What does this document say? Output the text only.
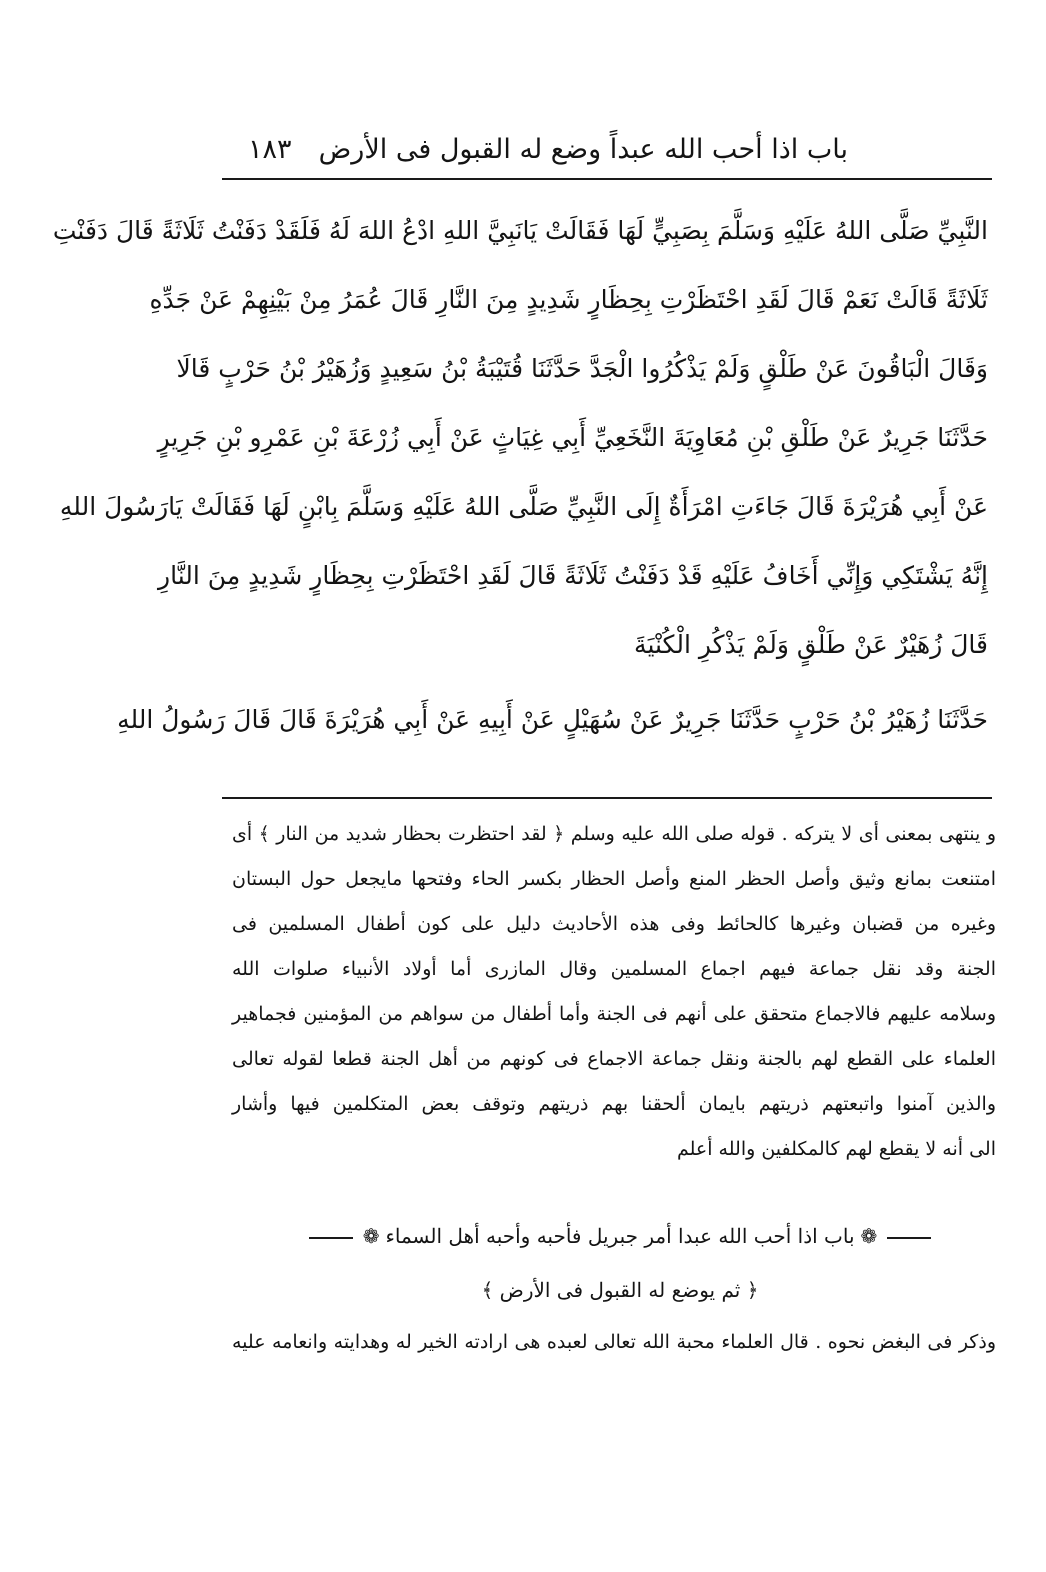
باب اذا أحب الله عبداً وضع له القبول فى الأرض
١٨٣
النَّبِيِّ صَلَّى اللهُ عَلَيْهِ وَسَلَّمَ بِصَبِيٍّ لَهَا فَقَالَتْ يَانَبِيَّ اللهِ ادْعُ اللهَ لَهُ فَلَقَدْ دَفَنْتُ ثَلَاثَةً قَالَ دَفَنْتِ
ثَلَاثَةً قَالَتْ نَعَمْ قَالَ لَقَدِ احْتَظَرْتِ بِحِظَارٍ شَدِيدٍ مِنَ النَّارِ قَالَ عُمَرُ مِنْ بَيْنِهِمْ عَنْ جَدِّهِ
وَقَالَ الْبَاقُونَ عَنْ طَلْقٍ وَلَمْ يَذْكُرُوا الْجَدَّ حَدَّثَنَا قُتَيْبَةُ بْنُ سَعِيدٍ وَزُهَيْرُ بْنُ حَرْبٍ قَالَا
حَدَّثَنَا جَرِيرٌ عَنْ طَلْقِ بْنِ مُعَاوِيَةَ النَّخَعِيِّ أَبِي غِيَاثٍ عَنْ أَبِي زُرْعَةَ بْنِ عَمْرِو بْنِ جَرِيرٍ
عَنْ أَبِي هُرَيْرَةَ قَالَ جَاءَتِ امْرَأَةٌ إِلَى النَّبِيِّ صَلَّى اللهُ عَلَيْهِ وَسَلَّمَ بِابْنٍ لَهَا فَقَالَتْ يَارَسُولَ اللهِ
إِنَّهُ يَشْتَكِي وَإِنِّي أَخَافُ عَلَيْهِ قَدْ دَفَنْتُ ثَلَاثَةً قَالَ لَقَدِ احْتَظَرْتِ بِحِظَارٍ شَدِيدٍ مِنَ النَّارِ
قَالَ زُهَيْرٌ عَنْ طَلْقٍ وَلَمْ يَذْكُرِ الْكُنْيَةَ
حَدَّثَنَا زُهَيْرُ بْنُ حَرْبٍ حَدَّثَنَا جَرِيرٌ عَنْ سُهَيْلٍ عَنْ أَبِيهِ عَنْ أَبِي هُرَيْرَةَ قَالَ قَالَ رَسُولُ اللهِ
و ينتهى بمعنى أى لا يتركه . قوله صلى الله عليه وسلم ﴿ لقد احتظرت بحظار شديد من النار ﴾ أى
امتنعت بمانع وثيق وأصل الحظر المنع وأصل الحظار بكسر الحاء وفتحها مايجعل حول البستان
وغيره من قضبان وغيرها كالحائط وفى هذه الأحاديث دليل على كون أطفال المسلمين فى
الجنة وقد نقل جماعة فيهم اجماع المسلمين وقال المازرى أما أولاد الأنبياء صلوات الله
وسلامه عليهم فالاجماع متحقق على أنهم فى الجنة وأما أطفال من سواهم من المؤمنين فجماهير
العلماء على القطع لهم بالجنة ونقل جماعة الاجماع فى كونهم من أهل الجنة قطعا لقوله تعالى
والذين آمنوا واتبعتهم ذريتهم بايمان ألحقنا بهم ذريتهم وتوقف بعض المتكلمين فيها وأشار
الى أنه لا يقطع لهم كالمكلفين والله أعلم
❁باب اذا أحب الله عبدا أمر جبريل فأحبه وأحبه أهل السماء❁
﴿ ثم يوضع له القبول فى الأرض ﴾
وذكر فى البغض نحوه . قال العلماء محبة الله تعالى لعبده هى ارادته الخير له وهدايته وانعامه عليه
